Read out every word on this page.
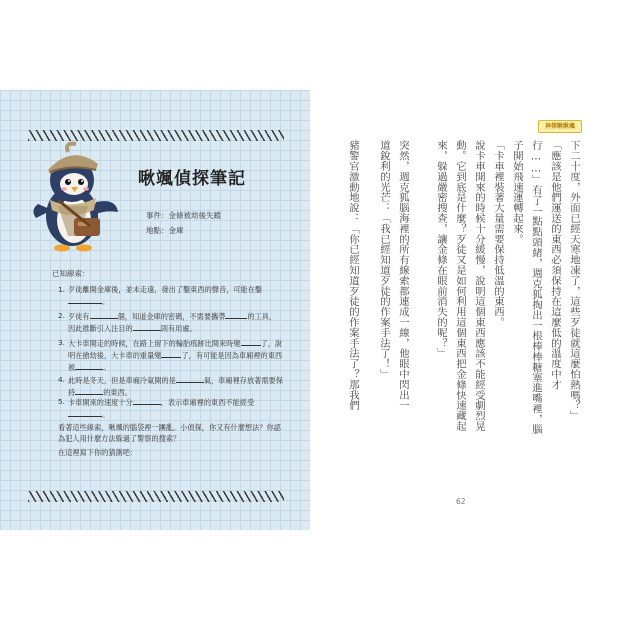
啾颯偵探筆記
事件：金條被劫後失蹤
地點：金庫
已知線索：
1. 歹徒離開金庫後，並未走遠，發出了鑿東西的聲音，可能在鑿。
2. 歹徒有	個，知道金庫的密碼，不需要攜帶	的工具，因此推斷引入注目的	則有用處。
3. 大卡車開走的時候，在路上留下的輪胎痕跡比開來時變	了，說明在搶劫後，大卡車的重量變	了，有可能是因為車廂裡的東西被	。
4. 此時是冬天，但是車廂冷氣開的是	氣，車廂裡存放著需要保持	的東西。
5. 卡車開來的速度十分	，表示車廂裡的東西不能經受。
看著這些線索，啾颯的腦袋裡一團亂。小偵探，你又有什麼想法？你認為犯人用什麼方法躲過了警察的搜索？
在這裡寫下你的猜測吧：
神探啾啾颯
下二十度，外面已經天寒地凍了，這些歹徒就這麼怕熱嗎？」
「應該是他們運送的東西必須保持在這麼低的溫度中才
行……」有了一點點頭緒，週克狐掏出一根棒棒糖塞進嘴裡，腦
子開始飛速運轉起來。
「卡車裡裝著大量需要保持低溫的東西。
說卡車開來的時候十分緩慢，說明這個東西應該不能經受劇烈晃
動。它到底是什麼？歹徒又是如何利用這個東西把金條快速藏起
來，躲過嚴密搜查，讓金條在眼前消失的呢？」
突然，週克狐腦海裡的所有線索都連成一線，他眼中閃出一
道銳利的光芒：「我已經知道歹徒的作案手法了！」
豬警官激動地說：「你已經知道歹徒的作案手法了？那我們
62
